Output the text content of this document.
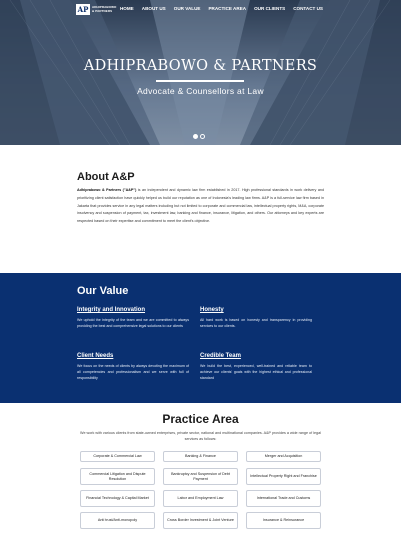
AP	ADHIPRABOWO
& PARTNERS	HOME ABOUT US OUR VALUE PRACTICE AREA OUR CLIENTS CONTACT US
ADHIPRABOWO & PARTNERS
Advocate & Counsellors at Law
About A&P

Adhiprabowo & Partners ("A&P") is an independent and dynamic law firm established in 2017. High professional standards in work delivery and prioritizing client satisfaction have quickly helped us build our reputation as one of Indonesia's leading law firms. A&P is a full-service law firm based in Jakarta that provides service in any legal matters including but not limited to corporate and commercial law, intellectual property rights, M&A, corporate insolvency and suspension of payment, tax, investment law, banking and finance, insurance, litigation, and others. Our attorneys and key experts are respected based on their expertise and commitment to meet the client's objective.

Our Value
Integrity and Innovation

We uphold the integrity of the team and we are committed to always providing the best and comprehensive legal solutions to our clients

Honesty

All hard work is based on honesty and transparency in providing services to our clients.

Client Needs

We focus on the needs of clients by always devoting the maximum of all competencies and professionalism and we serve with full of responsibility

Credible Team

We build the best, experienced, well-trained and reliable team to achieve our clients' goals with the highest ethical and professional standard

Practice Area
We work with various clients from state-owned enterprises, private sector, national and multinational companies. A&P provides a wide range of legal services as follows:
Corporate & Commercial Law	Banking & Finance	Merger and Acquisition
Commercial Litigation and Dispute Resolution
Bankruptcy and Suspension of Debt Payment
Intellectual Property Right and Franchise
Financial Technology & Capital Market	Labor and Employment Law	International Trade and Customs
Anti trust/Anti-monopoly	Cross Border Investment & Joint Venture	Insurance & Reinsurance
